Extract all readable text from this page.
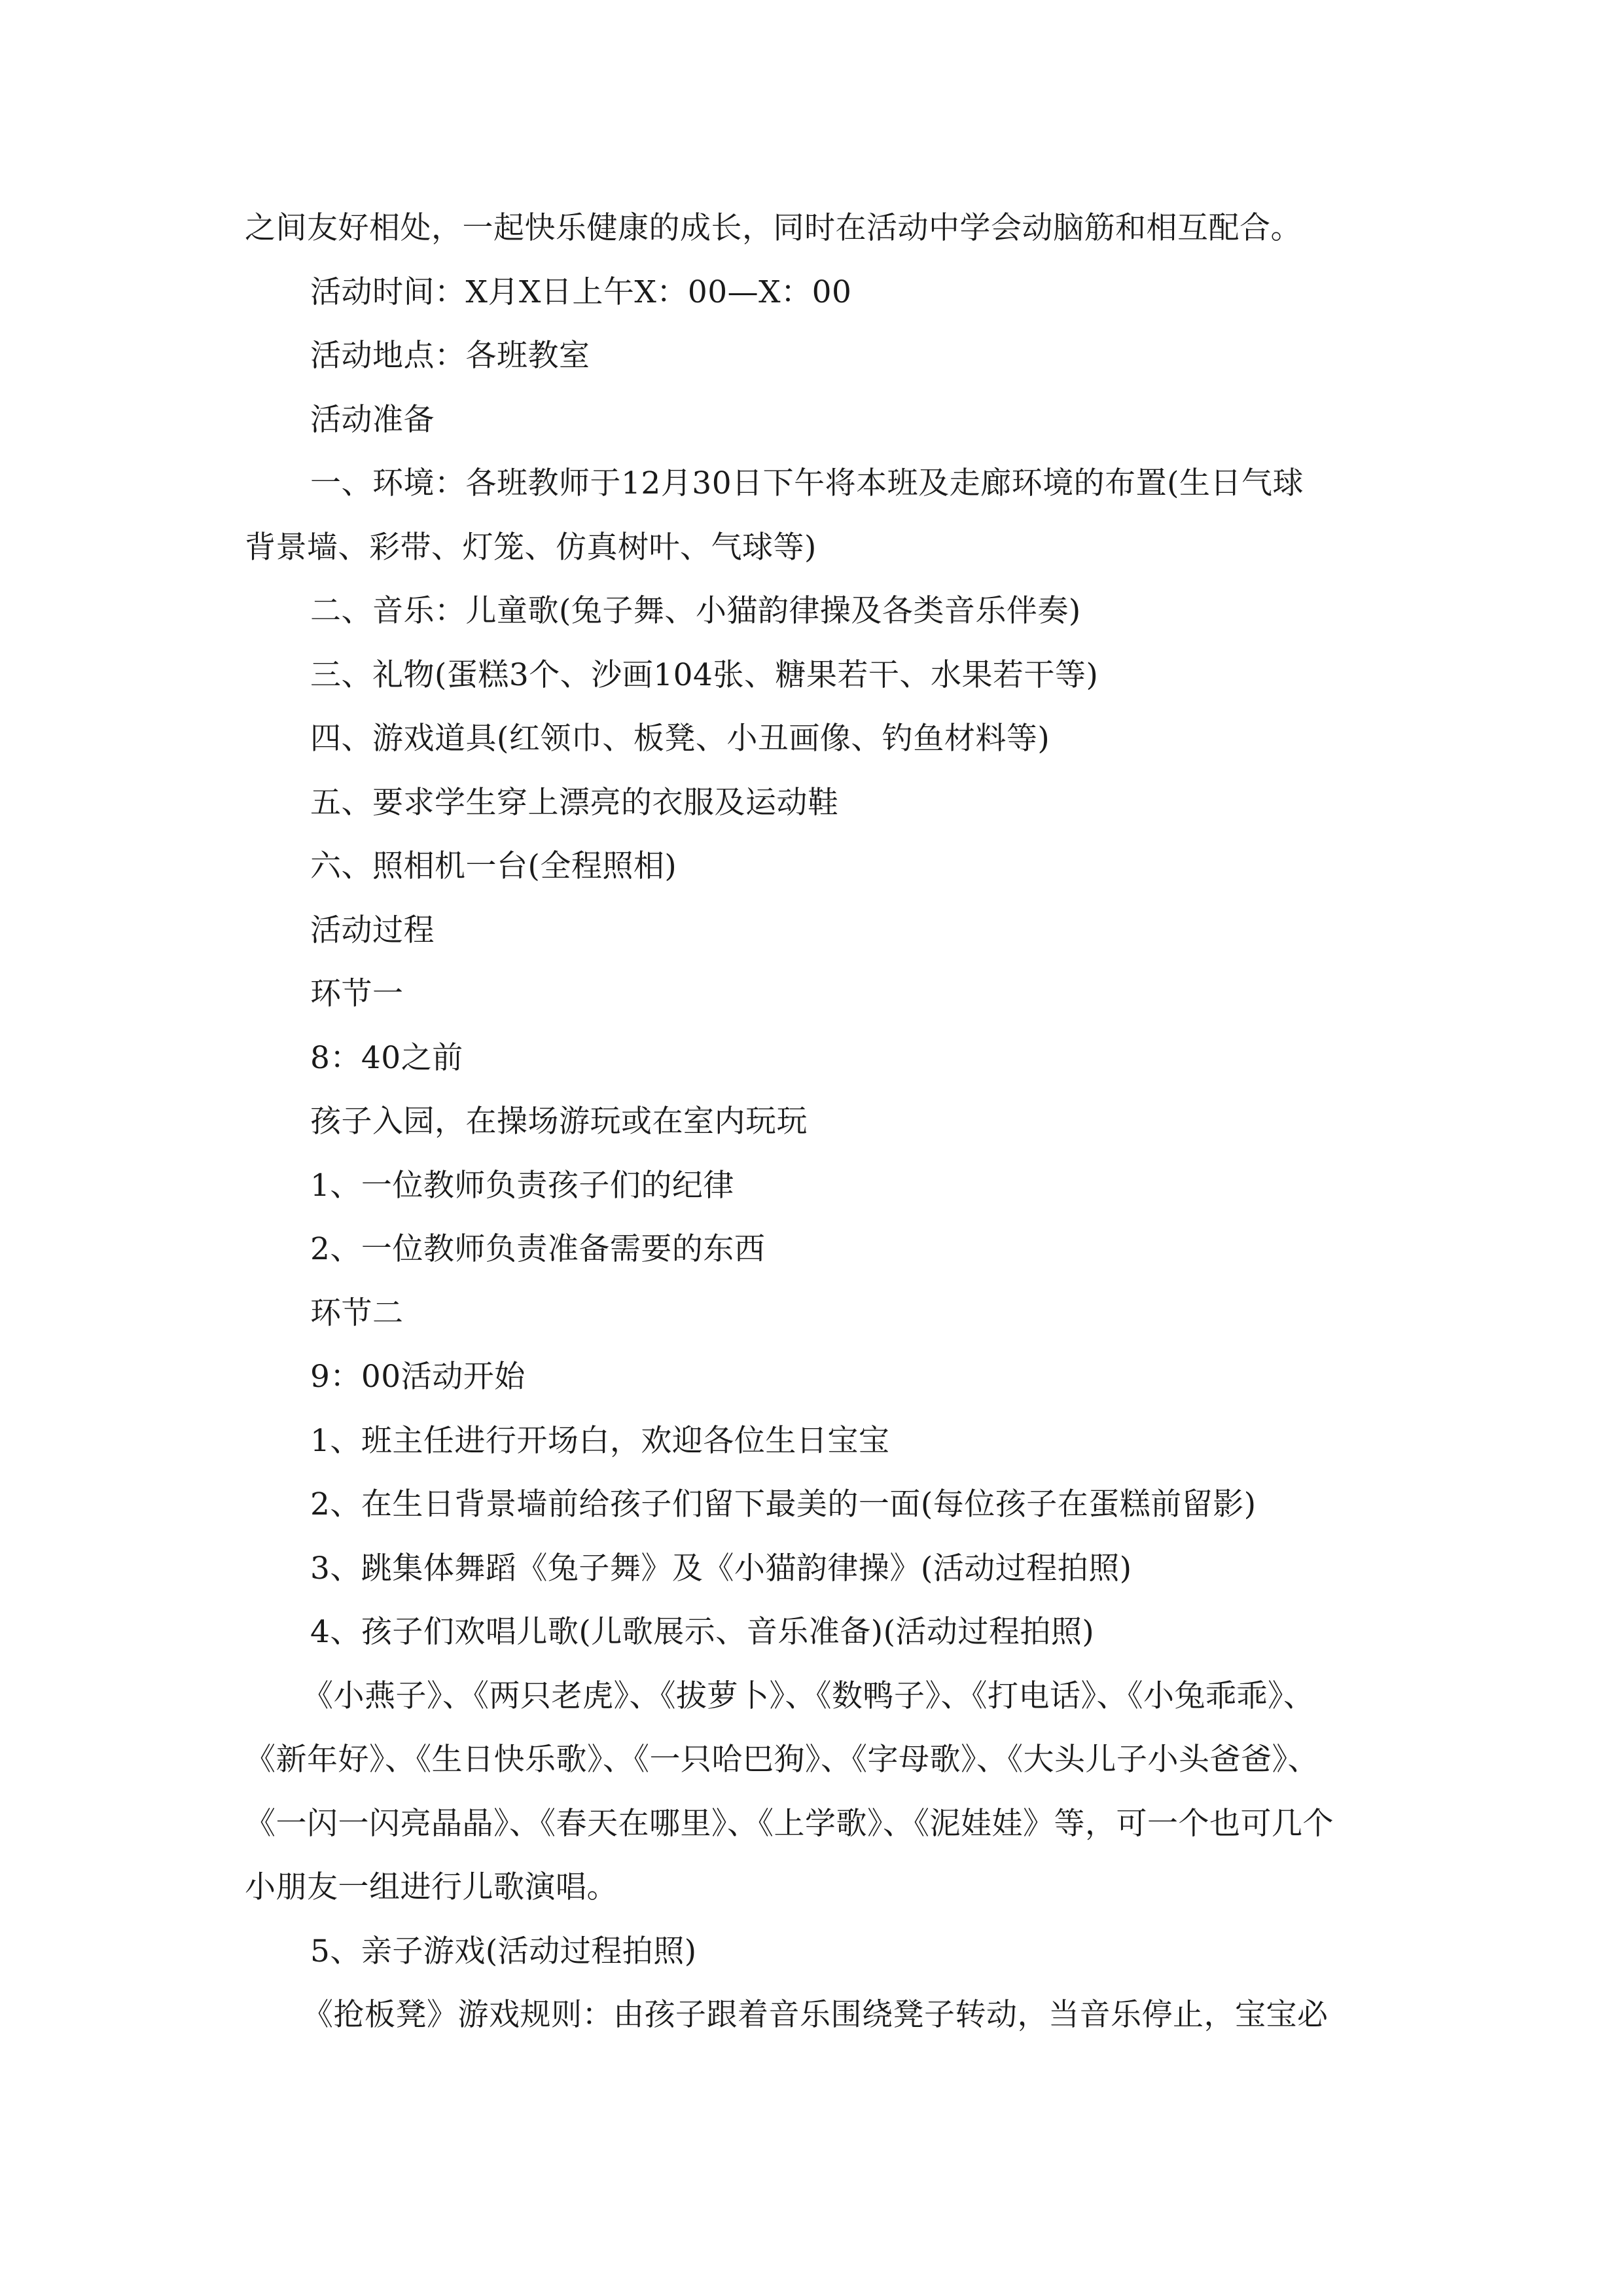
之间友好相处，一起快乐健康的成长，同时在活动中学会动脑筋和相互配合。
活动时间：X月X日上午X：00—X：00
活动地点：各班教室
活动准备
一、环境：各班教师于12月30日下午将本班及走廊环境的布置(生日气球
背景墙、彩带、灯笼、仿真树叶、气球等)
二、音乐：儿童歌(兔子舞、小猫韵律操及各类音乐伴奏)
三、礼物(蛋糕3个、沙画104张、糖果若干、水果若干等)
四、游戏道具(红领巾、板凳、小丑画像、钓鱼材料等)
五、要求学生穿上漂亮的衣服及运动鞋
六、照相机一台(全程照相)
活动过程
环节一
8：40之前
孩子入园，在操场游玩或在室内玩玩
1、一位教师负责孩子们的纪律
2、一位教师负责准备需要的东西
环节二
9：00活动开始
1、班主任进行开场白，欢迎各位生日宝宝
2、在生日背景墙前给孩子们留下最美的一面(每位孩子在蛋糕前留影)
3、跳集体舞蹈《兔子舞》及《小猫韵律操》(活动过程拍照)
4、孩子们欢唱儿歌(儿歌展示、音乐准备)(活动过程拍照)
《小燕子》、《两只老虎》、《拔萝卜》、《数鸭子》、《打电话》、《小兔乖乖》、
《新年好》、《生日快乐歌》、《一只哈巴狗》、《字母歌》、《大头儿子小头爸爸》、
《一闪一闪亮晶晶》、《春天在哪里》、《上学歌》、《泥娃娃》等，可一个也可几个
小朋友一组进行儿歌演唱。
5、亲子游戏(活动过程拍照)
《抢板凳》游戏规则：由孩子跟着音乐围绕凳子转动，当音乐停止，宝宝必
